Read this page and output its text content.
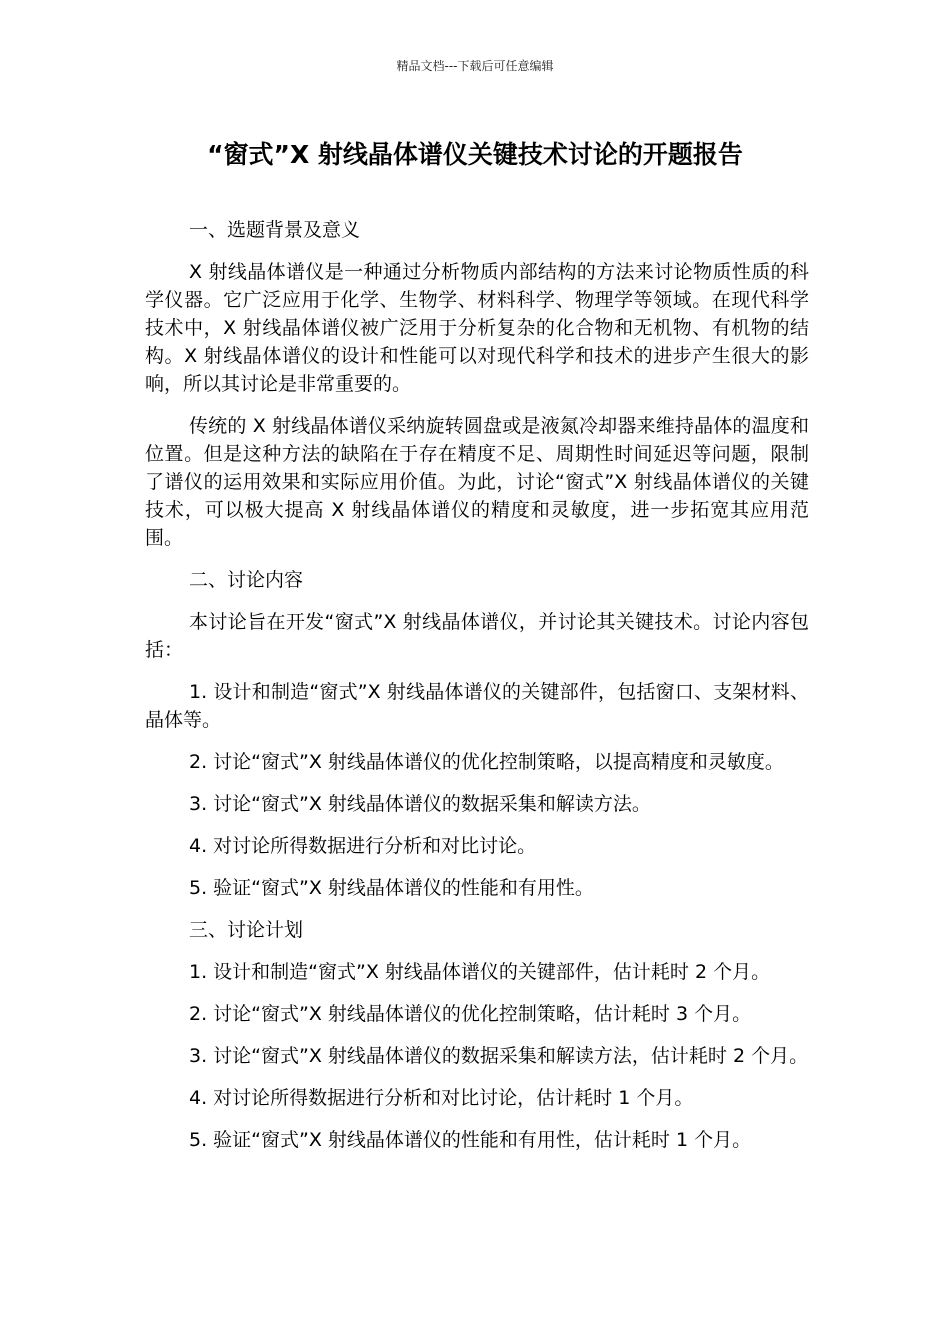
精品文档---下载后可任意编辑
“窗式”X 射线晶体谱仪关键技术讨论的开题报告

一、选题背景及意义

X 射线晶体谱仪是一种通过分析物质内部结构的方法来讨论物质性质的科学仪器。它广泛应用于化学、生物学、材料科学、物理学等领域。在现代科学技术中，X 射线晶体谱仪被广泛用于分析复杂的化合物和无机物、有机物的结构。X 射线晶体谱仪的设计和性能可以对现代科学和技术的进步产生很大的影响，所以其讨论是非常重要的。

传统的 X 射线晶体谱仪采纳旋转圆盘或是液氮冷却器来维持晶体的温度和位置。但是这种方法的缺陷在于存在精度不足、周期性时间延迟等问题，限制了谱仪的运用效果和实际应用价值。为此，讨论“窗式”X 射线晶体谱仪的关键技术，可以极大提高 X 射线晶体谱仪的精度和灵敏度，进一步拓宽其应用范围。

二、讨论内容

本讨论旨在开发“窗式”X 射线晶体谱仪，并讨论其关键技术。讨论内容包括：

1. 设计和制造“窗式”X 射线晶体谱仪的关键部件，包括窗口、支架材料、晶体等。

2. 讨论“窗式”X 射线晶体谱仪的优化控制策略，以提高精度和灵敏度。

3. 讨论“窗式”X 射线晶体谱仪的数据采集和解读方法。

4. 对讨论所得数据进行分析和对比讨论。

5. 验证“窗式”X 射线晶体谱仪的性能和有用性。

三、讨论计划

1. 设计和制造“窗式”X 射线晶体谱仪的关键部件，估计耗时 2 个月。

2. 讨论“窗式”X 射线晶体谱仪的优化控制策略，估计耗时 3 个月。

3. 讨论“窗式”X 射线晶体谱仪的数据采集和解读方法，估计耗时 2 个月。

4. 对讨论所得数据进行分析和对比讨论，估计耗时 1 个月。

5. 验证“窗式”X 射线晶体谱仪的性能和有用性，估计耗时 1 个月。
